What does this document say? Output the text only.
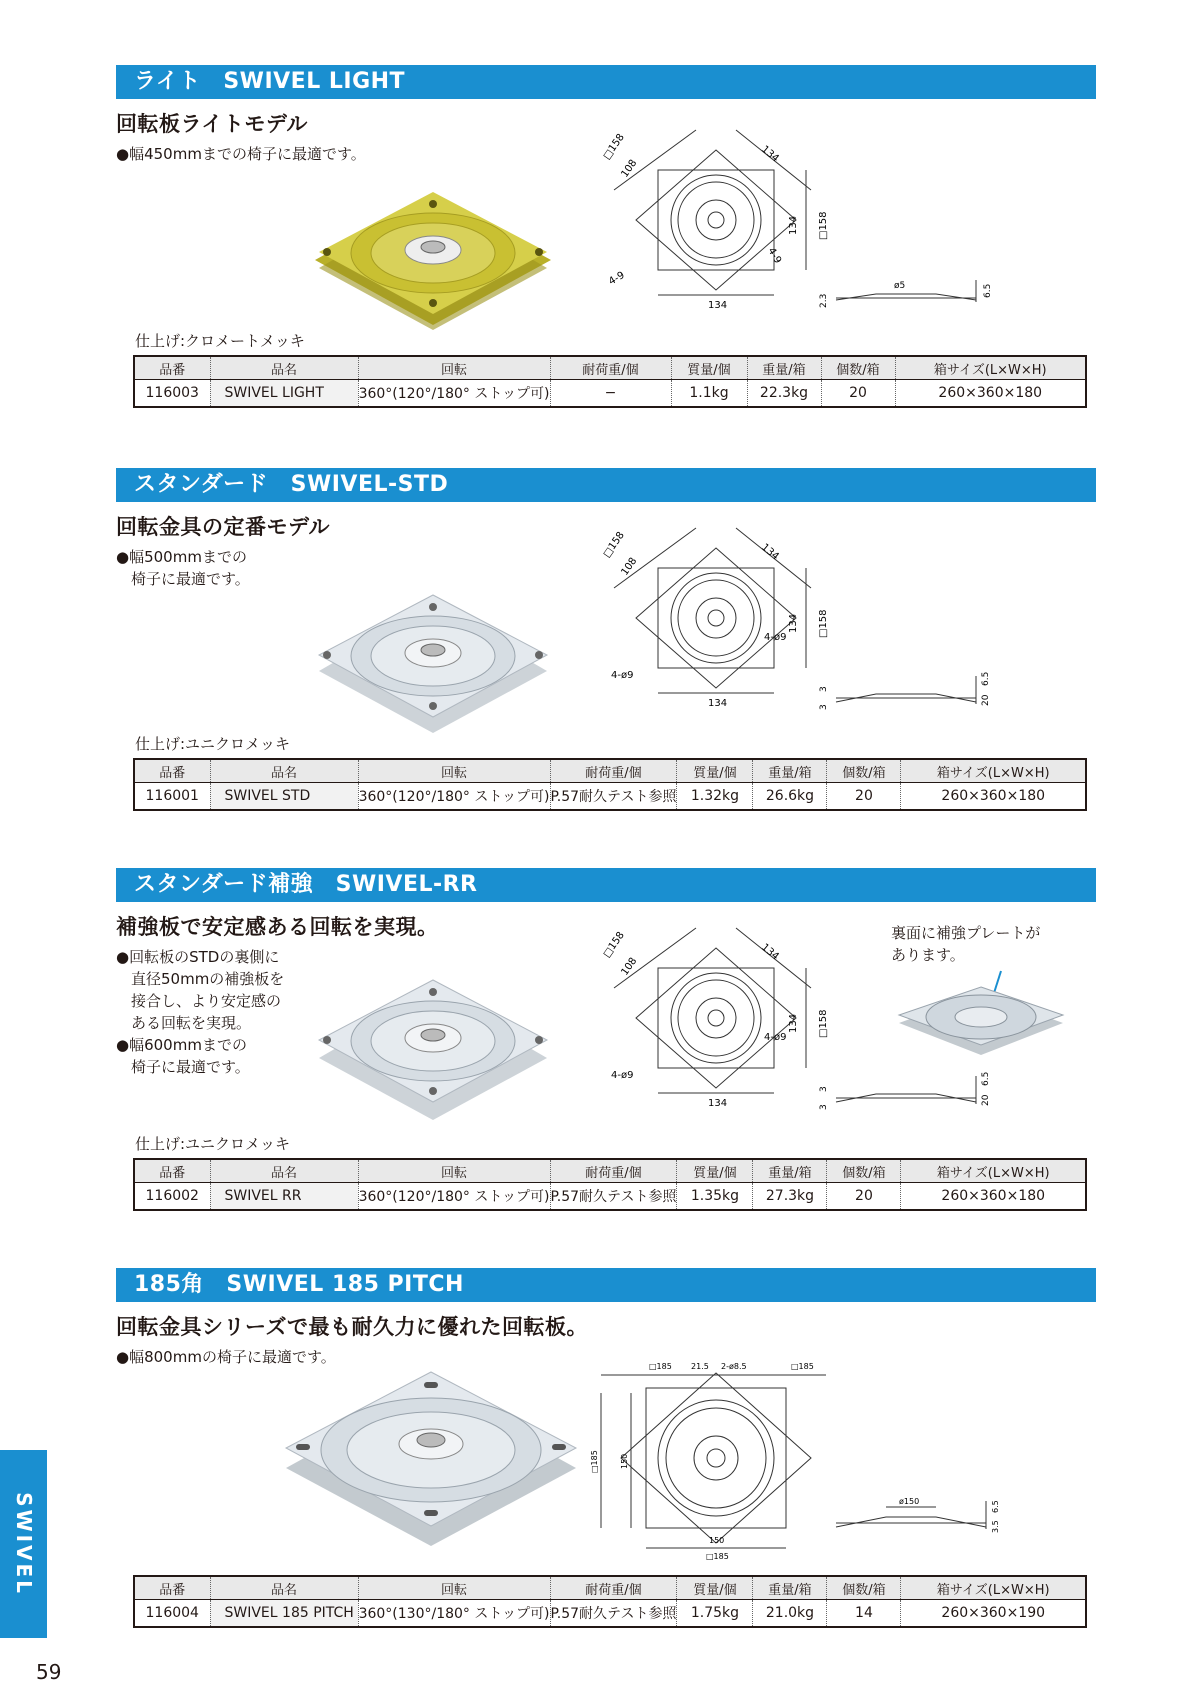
ライト　SWIVEL LIGHT
回転板ライトモデル
●幅450mmまでの椅子に最適です。	□158
108
134
134 □158
4-9
4-9
134
ø5
2.3
6.5
仕上げ:クロメートメッキ
品番	品名	回転	耐荷重/個	質量/個	重量/箱	個数/箱	箱サイズ(L×W×H)
116003	SWIVEL LIGHT	360°(120°/180° ストップ可)	−	1.1kg	22.3kg	20	260×360×180
スタンダード　SWIVEL-STD
回転金具の定番モデル
●幅500mmまでの
　椅子に最適です。
□158
108
134
134 □158
4-ø9
4-ø9
134
3
3
6.5
20
仕上げ:ユニクロメッキ
品番	品名	回転	耐荷重/個	質量/個	重量/箱	個数/箱	箱サイズ(L×W×H)
116001	SWIVEL STD	360°(120°/180° ストップ可)	P.57耐久テスト参照	1.32kg	26.6kg	20	260×360×180
スタンダード補強　SWIVEL-RR
補強板で安定感ある回転を実現。
●回転板のSTDの裏側に
　直径50mmの補強板を
　接合し、より安定感の
　ある回転を実現。
●幅600mmまでの
　椅子に最適です。
□158
108
134
134 □158
4-ø9
4-ø9
134
3
3
6.5
20
裏面に補強プレートが
あります。
仕上げ:ユニクロメッキ
品番	品名	回転	耐荷重/個	質量/個	重量/箱	個数/箱	箱サイズ(L×W×H)
116002	SWIVEL RR	360°(120°/180° ストップ可)	P.57耐久テスト参照	1.35kg	27.3kg	20	260×360×180
185角　SWIVEL 185 PITCH
回転金具シリーズで最も耐久力に優れた回転板。
●幅800mmの椅子に最適です。
□185 21.5 2-ø8.5	□185
□185	150
150
□185
ø150	6.5
3.5
品番	品名	回転	耐荷重/個	質量/個	重量/箱	個数/箱	箱サイズ(L×W×H)
116004	SWIVEL 185 PITCH	360°(130°/180° ストップ可)	P.57耐久テスト参照	1.75kg	21.0kg	14	260×360×190
SWIVEL
59
